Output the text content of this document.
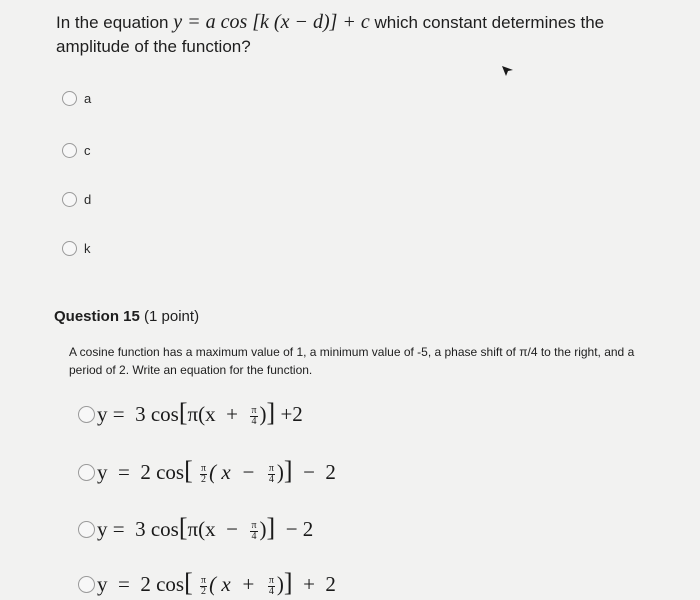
In the equation y = a cos [k (x − d)] + c which constant determines the
amplitude of the function?
a
c
d
k
Question 15 (1 point)
A cosine function has a maximum value of 1, a minimum value of -5, a phase shift of π/4 to the right, and a period of 2. Write an equation for the function.
y =  3 $\cos[\pi(x + \frac{\pi}{4}$ )] +2
y  =  2 $\cos[ \frac{\pi}{2}$ ( $x - \frac{\pi}{4}$ )]  −  2
y =  3 $\cos[\pi(x - \frac{\pi}{4}$ )]  − 2
y  =  2 $\cos[ \frac{\pi}{2}$ ( $x + \frac{\pi}{4}$ )]  +  2
